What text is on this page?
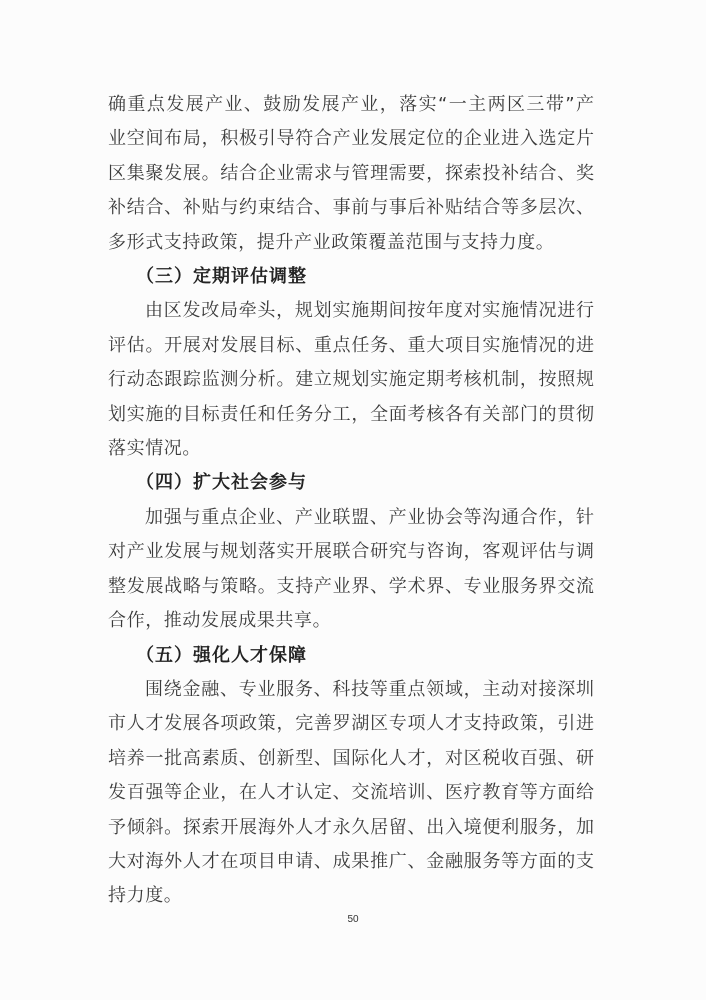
确重点发展产业、鼓励发展产业，落实“一主两区三带”产
业空间布局，积极引导符合产业发展定位的企业进入选定片
区集聚发展。结合企业需求与管理需要，探索投补结合、奖
补结合、补贴与约束结合、事前与事后补贴结合等多层次、
多形式支持政策，提升产业政策覆盖范围与支持力度。
（三）定期评估调整
由区发改局牵头，规划实施期间按年度对实施情况进行
评估。开展对发展目标、重点任务、重大项目实施情况的进
行动态跟踪监测分析。建立规划实施定期考核机制，按照规
划实施的目标责任和任务分工，全面考核各有关部门的贯彻
落实情况。
（四）扩大社会参与
加强与重点企业、产业联盟、产业协会等沟通合作，针
对产业发展与规划落实开展联合研究与咨询，客观评估与调
整发展战略与策略。支持产业界、学术界、专业服务界交流
合作，推动发展成果共享。
（五）强化人才保障
围绕金融、专业服务、科技等重点领域，主动对接深圳
市人才发展各项政策，完善罗湖区专项人才支持政策，引进
培养一批高素质、创新型、国际化人才，对区税收百强、研
发百强等企业，在人才认定、交流培训、医疗教育等方面给
予倾斜。探索开展海外人才永久居留、出入境便利服务，加
大对海外人才在项目申请、成果推广、金融服务等方面的支
持力度。
50
